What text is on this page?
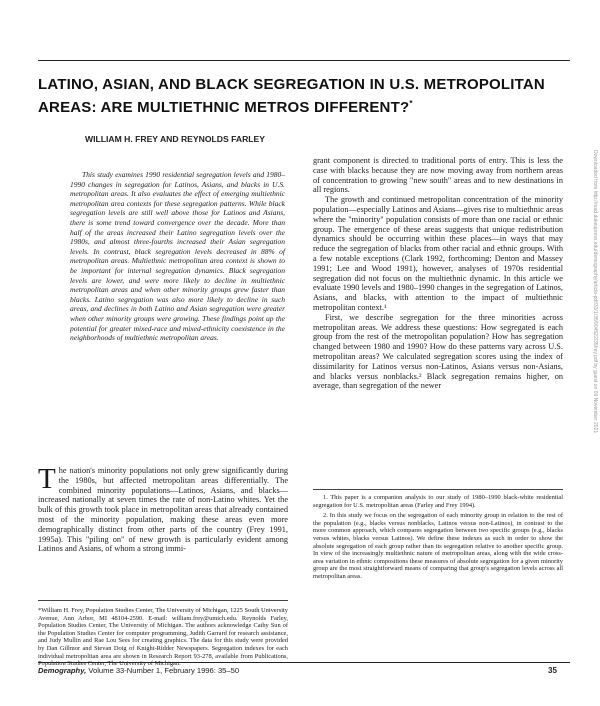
LATINO, ASIAN, AND BLACK SEGREGATION IN U.S. METROPOLITAN AREAS: ARE MULTIETHNIC METROS DIFFERENT?*
WILLIAM H. FREY AND REYNOLDS FARLEY
This study examines 1990 residential segregation levels and 1980–1990 changes in segregation for Latinos, Asians, and blacks in U.S. metropolitan areas. It also evaluates the effect of emerging multiethnic metropolitan area contexts for these segregation patterns. While black segregation levels are still well above those for Latinos and Asians, there is some trend toward convergence over the decade. More than half of the areas increased their Latino segregation levels over the 1980s, and almost three-fourths increased their Asian segregation levels. In contrast, black segregation levels decreased in 88% of metropolitan areas. Multiethnic metropolitan area context is shown to be important for internal segregation dynamics. Black segregation levels are lower, and were more likely to decline in multiethnic metropolitan areas and when other minority groups grew faster than blacks. Latino segregation was also more likely to decline in such areas, and declines in both Latino and Asian segregation were greater when other minority groups were growing. These findings point up the potential for greater mixed-race and mixed-ethnicity coexistence in the neighborhoods of multiethnic metropolitan areas.
The nation's minority populations not only grew significantly during the 1980s, but affected metropolitan areas differentially. The combined minority populations—Latinos, Asians, and blacks—increased nationally at seven times the rate of non-Latino whites. Yet the bulk of this growth took place in metropolitan areas that already contained most of the minority population, making these areas even more demographically distinct from other parts of the country (Frey 1991, 1995a). This "piling on" of new growth is particularly evident among Latinos and Asians, of whom a strong immi-
*William H. Frey, Population Studies Center, The University of Michigan, 1225 South University Avenue, Ann Arbor, MI 48104-2590. E-mail: william.frey@umich.edu. Reynolds Farley, Population Studies Center, The University of Michigan. The authors acknowledge Cathy Sun of the Population Studies Center for computer programming, Judith Garrard for research assistance, and Judy Mullin and Rae Lou Sees for creating graphics. The data for this study were provided by Dan Gillmor and Stevan Doig of Knight-Ridder Newspapers. Segregation indexes for each individual metropolitan area are shown in Research Report 93-278, available from Publications, Population Studies Center, The University of Michigan.

grant component is directed to traditional ports of entry. This is less the case with blacks because they are now moving away from northern areas of concentration to growing "new south" areas and to new destinations in all regions.

The growth and continued metropolitan concentration of the minority population—especially Latinos and Asians—gives rise to multiethnic areas where the "minority" population consists of more than one racial or ethnic group. The emergence of these areas suggests that unique redistribution dynamics should be occurring within these places—in ways that may reduce the segregation of blacks from other racial and ethnic groups. With a few notable exceptions (Clark 1992, forthcoming; Denton and Massey 1991; Lee and Wood 1991), however, analyses of 1970s residential segregation did not focus on the multiethnic dynamic. In this article we evaluate 1990 levels and 1980–1990 changes in the segregation of Latinos, Asians, and blacks, with attention to the impact of multiethnic metropolitan context.¹

First, we describe segregation for the three minorities across metropolitan areas. We address these questions: How segregated is each group from the rest of the metropolitan population? How has segregation changed between 1980 and 1990? How do these patterns vary across U.S. metropolitan areas? We calculated segregation scores using the index of dissimilarity for Latinos versus non-Latinos, Asians versus non-Asians, and blacks versus nonblacks.² Black segregation remains higher, on average, than segregation of the newer

1. This paper is a companion analysis to our study of 1980–1990 black-white residential segregation for U.S. metropolitan areas (Farley and Frey 1994).

2. In this study we focus on the segregation of each minority group in relation to the rest of the population (e.g., blacks versus nonblacks, Latinos versus non-Latinos), in contrast to the more common approach, which compares segregation between two specific groups (e.g., blacks versus whites, blacks versus Latinos). We define these indexes as such in order to show the absolute segregation of each group rather than its segregation relative to another specific group. In view of the increasingly multiethnic nature of metropolitan areas, along with the wide cross-area variation in ethnic compositions these measures of absolute segregation for a given minority group are the most straightforward means of comparing that group's segregation levels across all metropolitan areas.

Demography, Volume 33-Number 1, February 1996: 35–50	35
Downloaded from http://read.dukeupress.edu/demography/article-pdf/33/1/35/904522/35frey.pdf by guest on 09 November 2021
